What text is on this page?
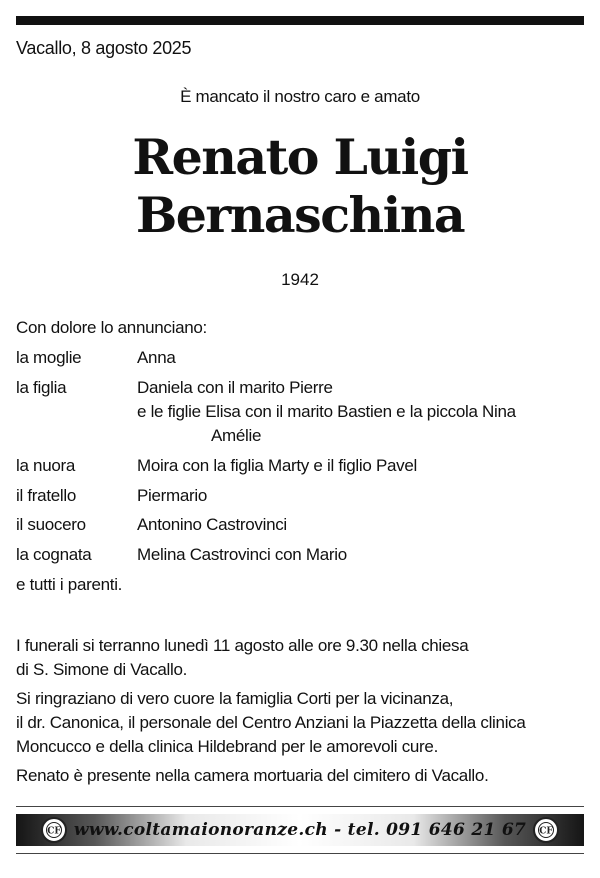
Vacallo, 8 agosto 2025
È mancato il nostro caro e amato
Renato Luigi
Bernaschina
1942
Con dolore lo annunciano:
la moglie	Anna
la figlia	Daniela con il marito Pierre
e le figlie Elisa con il marito Bastien e la piccola Nina
Amélie
la nuora	Moira con la figlia Marty e il figlio Pavel
il fratello	Piermario
il suocero	Antonino Castrovinci
la cognata	Melina Castrovinci con Mario
e tutti i parenti.
I funerali si terranno lunedì 11 agosto alle ore 9.30 nella chiesa
di S. Simone di Vacallo.
Si ringraziano di vero cuore la famiglia Corti per la vicinanza,
il dr. Canonica, il personale del Centro Anziani la Piazzetta della clinica
Moncucco e della clinica Hildebrand per le amorevoli cure.
Renato è presente nella camera mortuaria del cimitero di Vacallo.
CF www.coltamaionoranze.ch - tel. 091 646 21 67	CF
